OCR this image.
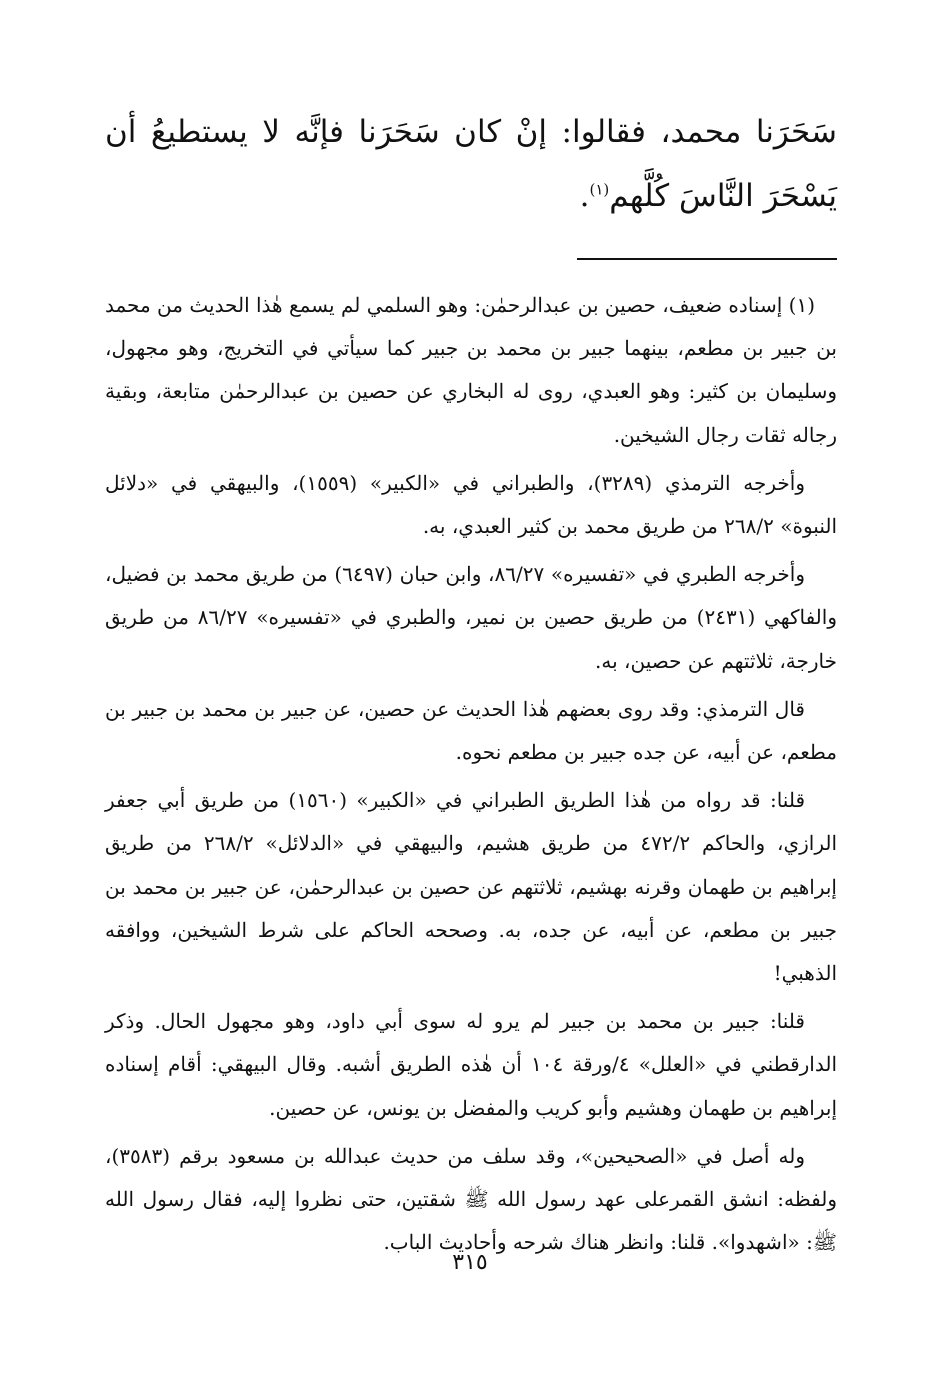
سَحَرَنا محمد، فقالوا: إنْ كان سَحَرَنا فإنَّه لا يستطيعُ أن يَسْحَرَ النَّاسَ كُلَّهم$^{(١)}$.

(١) إسناده ضعيف، حصين بن عبدالرحمٰن: وهو السلمي لم يسمع هٰذا الحديث من محمد بن جبير بن مطعم، بينهما جبير بن محمد بن جبير كما سيأتي في التخريج، وهو مجهول، وسليمان بن كثير: وهو العبدي، روى له البخاري عن حصين بن عبدالرحمٰن متابعة، وبقية رجاله ثقات رجال الشيخين.

وأخرجه الترمذي (٣٢٨٩)، والطبراني في «الكبير» (١٥٥٩)، والبيهقي في «دلائل النبوة» ٢٦٨/٢ من طريق محمد بن كثير العبدي، به.

وأخرجه الطبري في «تفسيره» ٨٦/٢٧، وابن حبان (٦٤٩٧) من طريق محمد بن فضيل، والفاكهي (٢٤٣١) من طريق حصين بن نمير، والطبري في «تفسيره» ٨٦/٢٧ من طريق خارجة، ثلاثتهم عن حصين، به.

قال الترمذي: وقد روى بعضهم هٰذا الحديث عن حصين، عن جبير بن محمد بن جبير بن مطعم، عن أبيه، عن جده جبير بن مطعم نحوه.

قلنا: قد رواه من هٰذا الطريق الطبراني في «الكبير» (١٥٦٠) من طريق أبي جعفر الرازي، والحاكم ٤٧٢/٢ من طريق هشيم، والبيهقي في «الدلائل» ٢٦٨/٢ من طريق إبراهيم بن طهمان وقرنه بهشيم، ثلاثتهم عن حصين بن عبدالرحمٰن، عن جبير بن محمد بن جبير بن مطعم، عن أبيه، عن جده، به. وصححه الحاكم على شرط الشيخين، ووافقه الذهبي!

قلنا: جبير بن محمد بن جبير لم يرو له سوى أبي داود، وهو مجهول الحال. وذكر الدارقطني في «العلل» ٤/ورقة ١٠٤ أن هٰذه الطريق أشبه. وقال البيهقي: أقام إسناده إبراهيم بن طهمان وهشيم وأبو كريب والمفضل بن يونس، عن حصين.

وله أصل في «الصحيحين»، وقد سلف من حديث عبدالله بن مسعود برقم (٣٥٨٣)، ولفظه: انشق القمرعلى عهد رسول الله ﷺ شقتين، حتى نظروا إليه، فقال رسول الله ﷺ: «اشهدوا». قلنا: وانظر هناك شرحه وأحاديث الباب.

٣١٥
